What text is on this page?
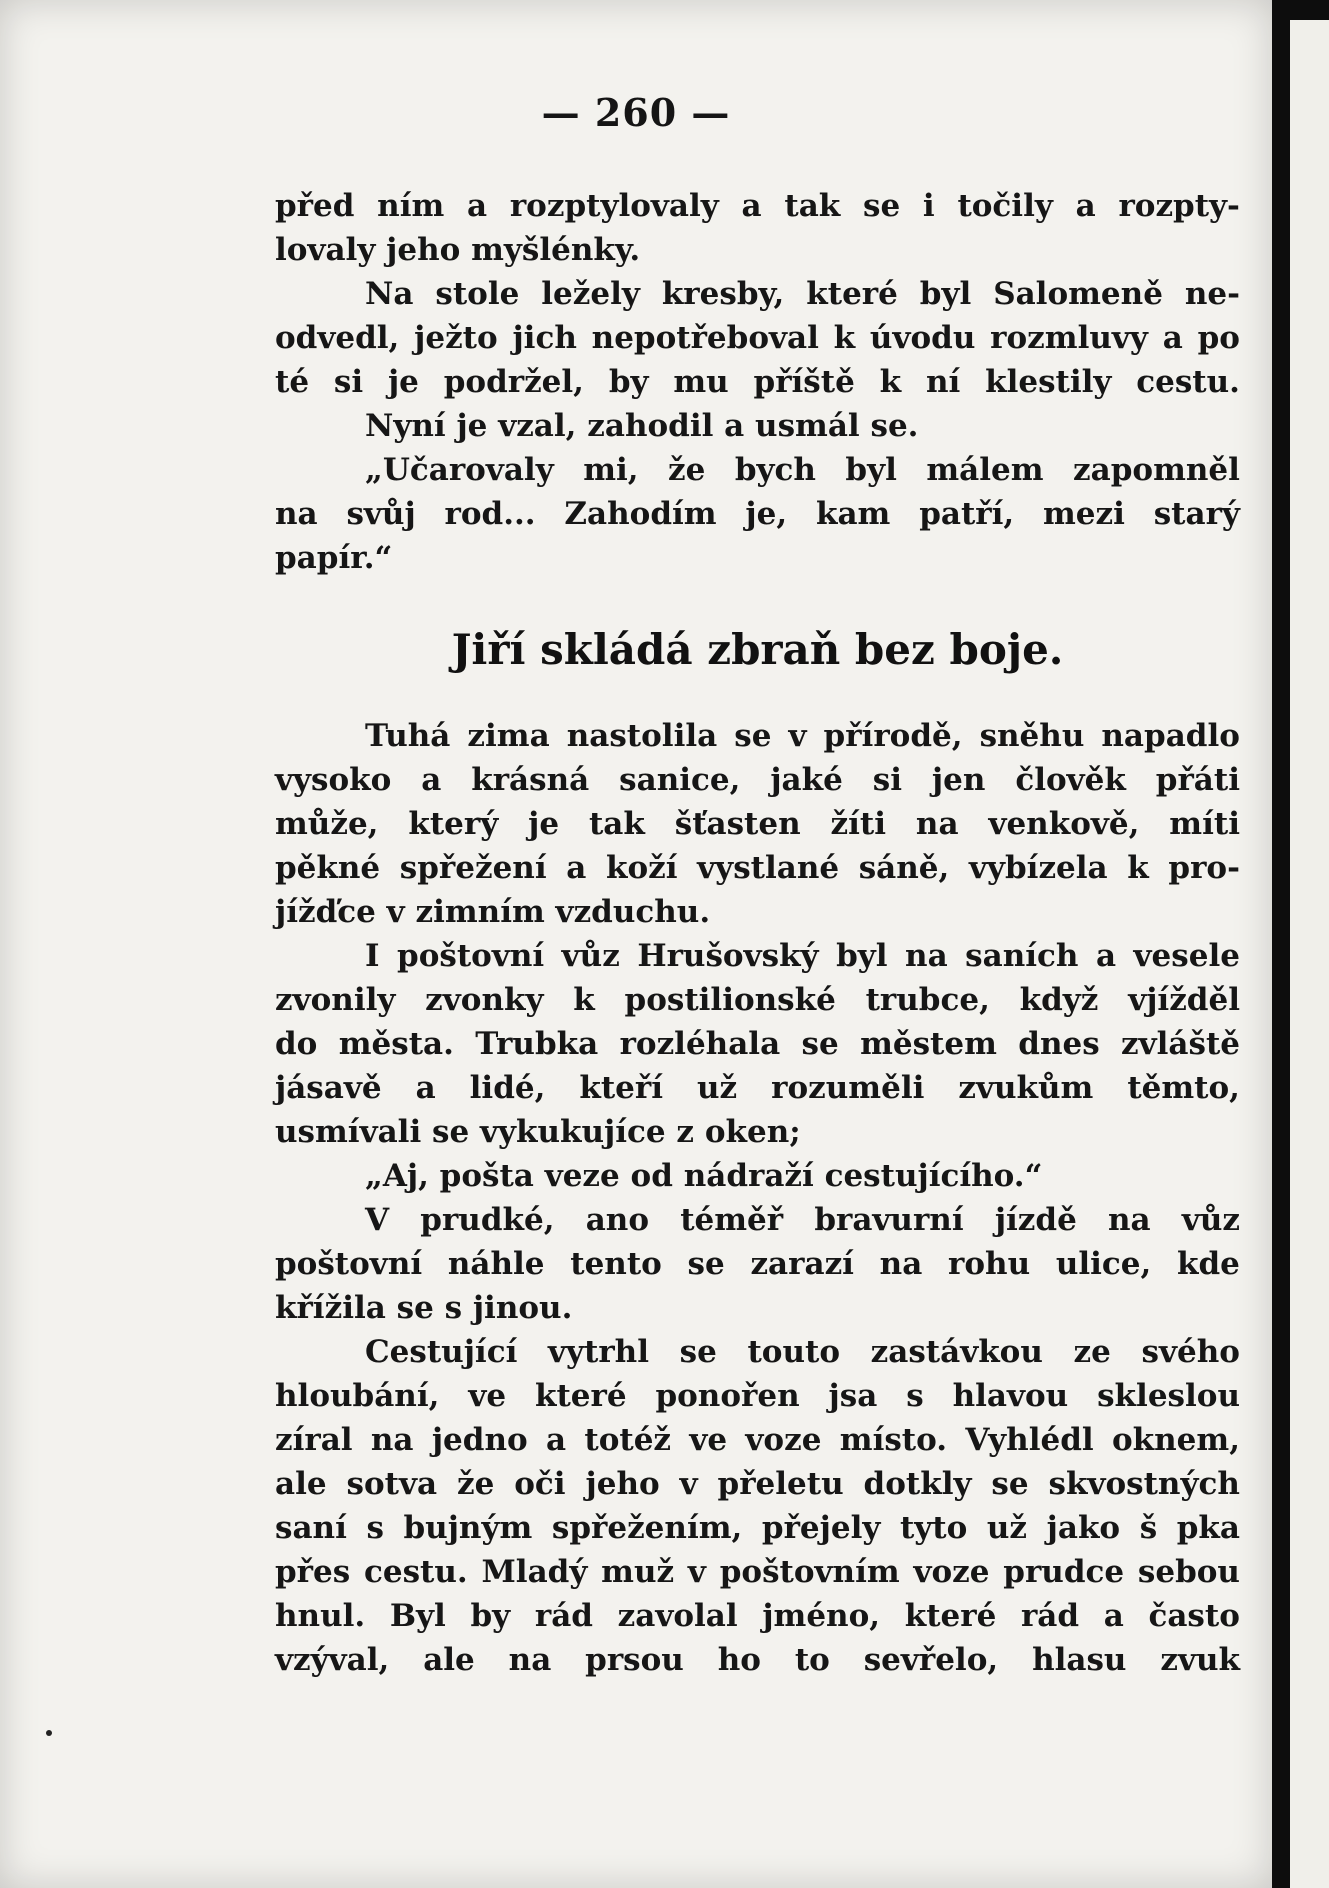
— 260 —
před ním a rozptylovaly a tak se i točily a rozpty-
lovaly jeho myšlénky.
Na stole ležely kresby, které byl Salomeně ne-
odvedl, ježto jich nepotřeboval k úvodu rozmluvy a po
té si je podržel, by mu příště k ní klestily cestu.
Nyní je vzal, zahodil a usmál se.
„Učarovaly mi, že bych byl málem zapomněl
na svůj rod... Zahodím je, kam patří, mezi starý
papír.“
Jiří skládá zbraň bez boje.
Tuhá zima nastolila se v přírodě, sněhu napadlo
vysoko a krásná sanice, jaké si jen člověk přáti
může, který je tak šťasten žíti na venkově, míti
pěkné spřežení a koží vystlané sáně, vybízela k pro-
jížďce v zimním vzduchu.
I poštovní vůz Hrušovský byl na saních a vesele
zvonily zvonky k postilionské trubce, když vjížděl
do města. Trubka rozléhala se městem dnes zvláště
jásavě a lidé, kteří už rozuměli zvukům těmto,
usmívali se vykukujíce z oken;
„Aj, pošta veze od nádraží cestujícího.“
V prudké, ano téměř bravurní jízdě na vůz
poštovní náhle tento se zarazí na rohu ulice, kde
křížila se s jinou.
Cestující vytrhl se touto zastávkou ze svého
hloubání, ve které ponořen jsa s hlavou skleslou
zíral na jedno a totéž ve voze místo. Vyhlédl oknem,
ale sotva že oči jeho v přeletu dotkly se skvostných
saní s bujným spřežením, přejely tyto už jako š pka
přes cestu. Mladý muž v poštovním voze prudce sebou
hnul. Byl by rád zavolal jméno, které rád a často
vzýval, ale na prsou ho to sevřelo, hlasu zvuk
